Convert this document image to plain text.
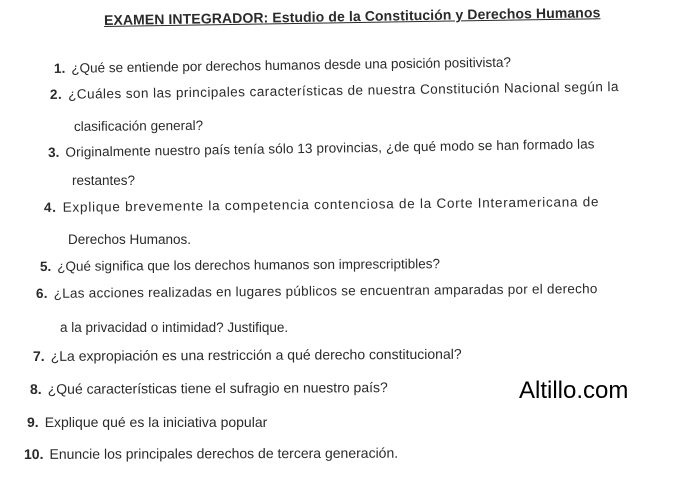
EXAMEN INTEGRADOR: Estudio de la Constitución y Derechos Humanos
1. ¿Qué se entiende por derechos humanos desde una posición positivista?
2. ¿Cuáles son las principales características de nuestra Constitución Nacional según la
clasificación general?
3. Originalmente nuestro país tenía sólo 13 provincias, ¿de qué modo se han formado las
restantes?
4. Explique brevemente la competencia contenciosa de la Corte Interamericana de
Derechos Humanos.
5. ¿Qué significa que los derechos humanos son imprescriptibles?
6. ¿Las acciones realizadas en lugares públicos se encuentran amparadas por el derecho
a la privacidad o intimidad? Justifique.
7. ¿La expropiación es una restricción a qué derecho constitucional?
8. ¿Qué características tiene el sufragio en nuestro país?
9. Explique qué es la iniciativa popular
10. Enuncie los principales derechos de tercera generación.
Altillo.com
